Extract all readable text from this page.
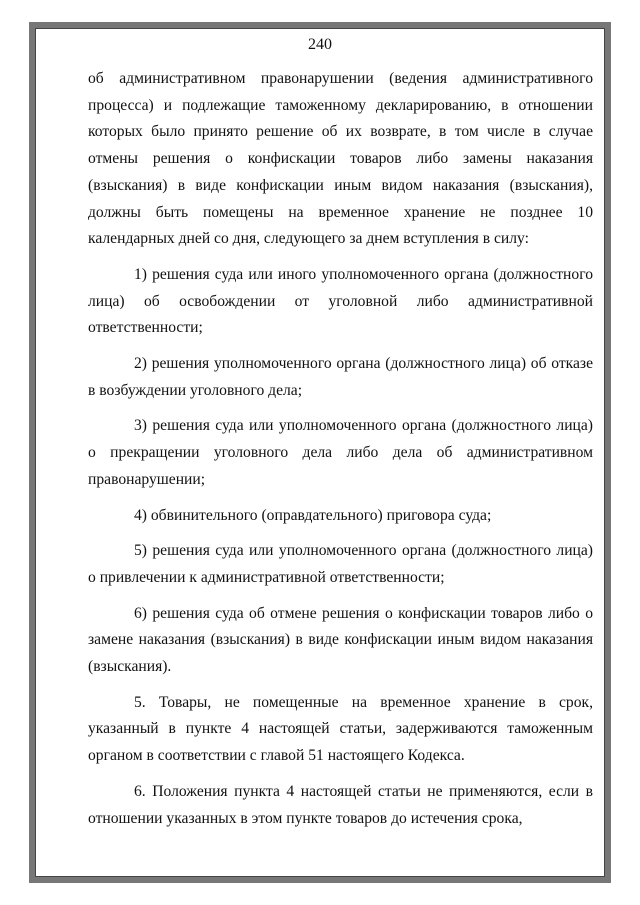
240

об административном правонарушении (ведения административного процесса) и подлежащие таможенному декларированию, в отношении которых было принято решение об их возврате, в том числе в случае отмены решения о конфискации товаров либо замены наказания (взыскания) в виде конфискации иным видом наказания (взыскания), должны быть помещены на временное хранение не позднее 10 календарных дней со дня, следующего за днем вступления в силу:

1) решения суда или иного уполномоченного органа (должностного лица) об освобождении от уголовной либо административной ответственности;

2) решения уполномоченного органа (должностного лица) об отказе в возбуждении уголовного дела;

3) решения суда или уполномоченного органа (должностного лица) о прекращении уголовного дела либо дела об административном правонарушении;

4) обвинительного (оправдательного) приговора суда;

5) решения суда или уполномоченного органа (должностного лица) о привлечении к административной ответственности;

6) решения суда об отмене решения о конфискации товаров либо о замене наказания (взыскания) в виде конфискации иным видом наказания (взыскания).

5. Товары, не помещенные на временное хранение в срок, указанный в пункте 4 настоящей статьи, задерживаются таможенным органом в соответствии с главой 51 настоящего Кодекса.

6. Положения пункта 4 настоящей статьи не применяются, если в отношении указанных в этом пункте товаров до истечения срока,
